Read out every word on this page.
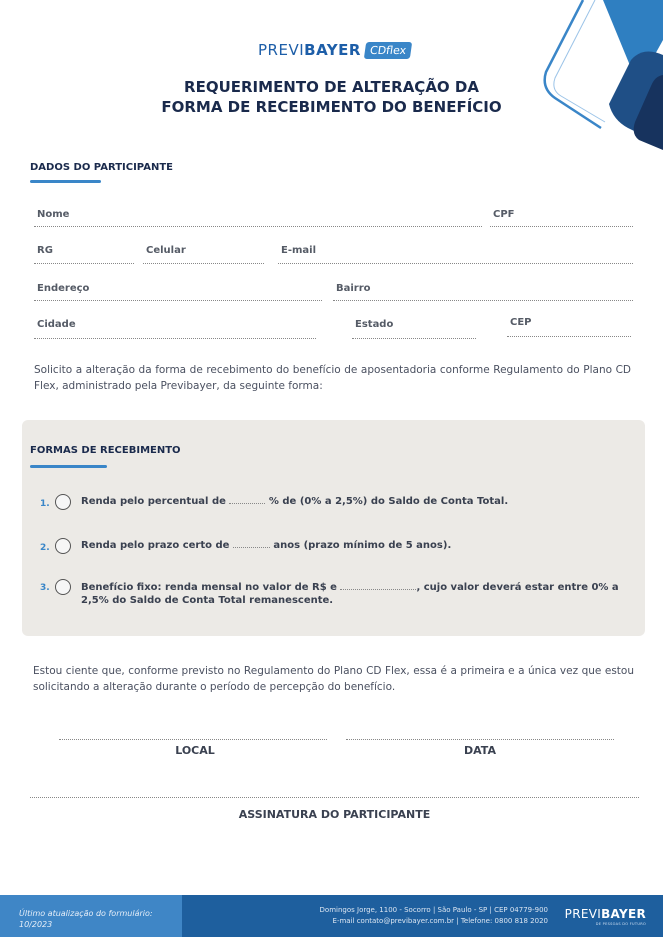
PREVI BAYER CDflex
REQUERIMENTO DE ALTERAÇÃO DA
FORMA DE RECEBIMENTO DO BENEFÍCIO
DADOS DO PARTICIPANTE
Nome	CPF
RG	Celular	E-mail
Endereço	Bairro
Cidade	Estado	CEP
Solicito a alteração da forma de recebimento do benefício de aposentadoria conforme Regulamento do Plano CD Flex, administrado pela Previbayer, da seguinte forma:
FORMAS DE RECEBIMENTO
1.	Renda pelo percentual de	% de (0% a 2,5%) do Saldo de Conta Total.
2.	Renda pelo prazo certo de	anos (prazo mínimo de 5 anos).
3.	Benefício fixo: renda mensal no valor de R$ e	, cujo valor deverá estar entre 0% a
2,5% do Saldo de Conta Total remanescente.
Estou ciente que, conforme previsto no Regulamento do Plano CD Flex, essa é a primeira e a única vez que estou solicitando a alteração durante o período de percepção do benefício.
LOCAL	DATA
ASSINATURA DO PARTICIPANTE
Último atualização do formulário:
10/2023
Domingos Jorge, 1100 - Socorro | São Paulo - SP | CEP 04779-900
E-mail contato@previbayer.com.br | Telefone: 0800 818 2020 PREVIBAYER
DE PESSOAS DO FUTURO
